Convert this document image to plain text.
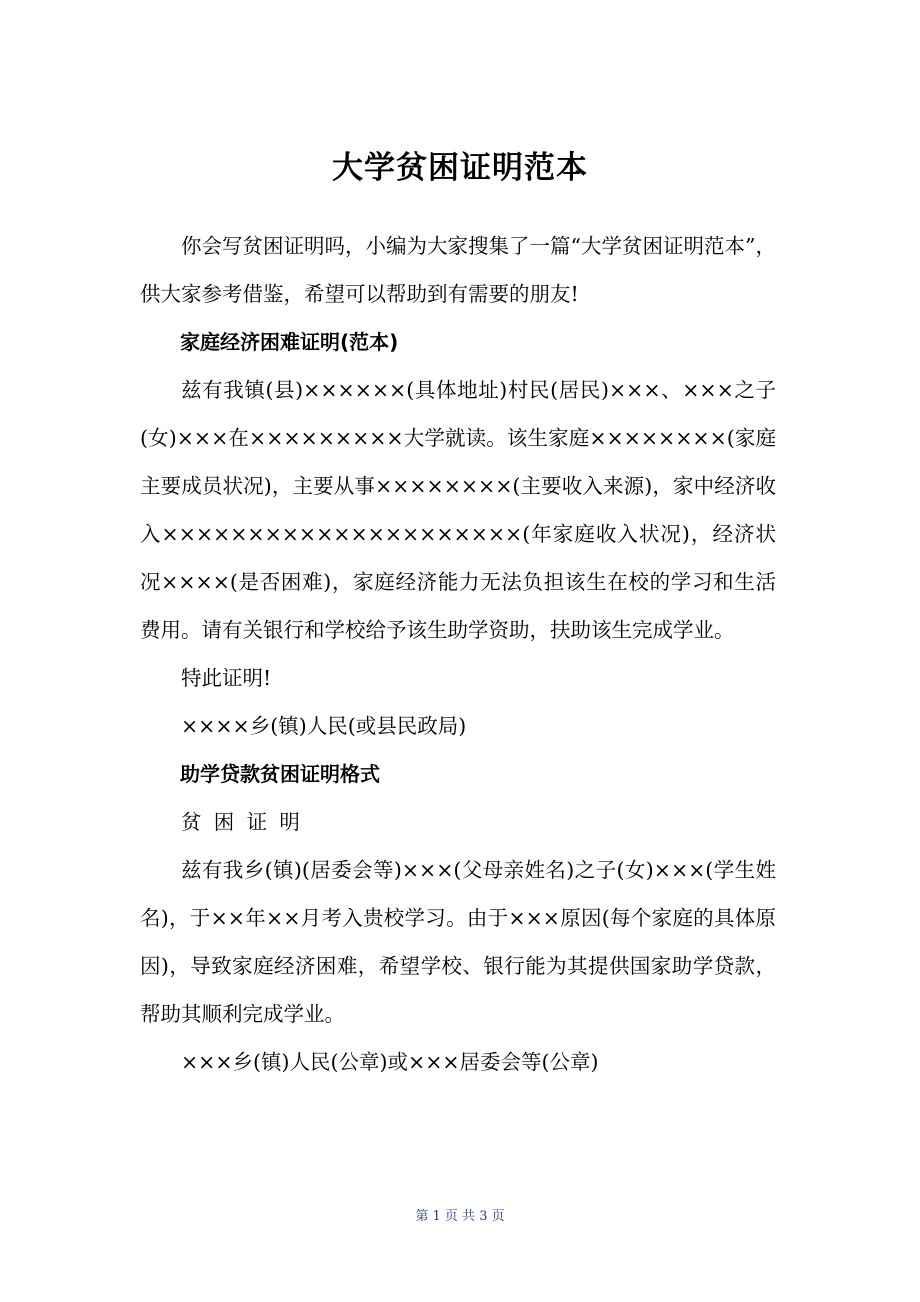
大学贫困证明范本

你会写贫困证明吗，小编为大家搜集了一篇“大学贫困证明范本”，供大家参考借鉴，希望可以帮助到有需要的朋友!

家庭经济困难证明(范本)

兹有我镇(县)××××××(具体地址)村民(居民)×××、×××之子(女)×××在×××××××××大学就读。该生家庭××××××××(家庭主要成员状况)，主要从事××××××××(主要收入来源)，家中经济收入×××××××××××××××××××××(年家庭收入状况)，经济状况××××(是否困难)，家庭经济能力无法负担该生在校的学习和生活费用。请有关银行和学校给予该生助学资助，扶助该生完成学业。

特此证明!

××××乡(镇)人民(或县民政局)

助学贷款贫困证明格式

贫困证明

兹有我乡(镇)(居委会等)×××(父母亲姓名)之子(女)×××(学生姓名)，于××年××月考入贵校学习。由于×××原因(每个家庭的具体原因)，导致家庭经济困难，希望学校、银行能为其提供国家助学贷款，帮助其顺利完成学业。

×××乡(镇)人民(公章)或×××居委会等(公章)

第 1 页 共 3 页
